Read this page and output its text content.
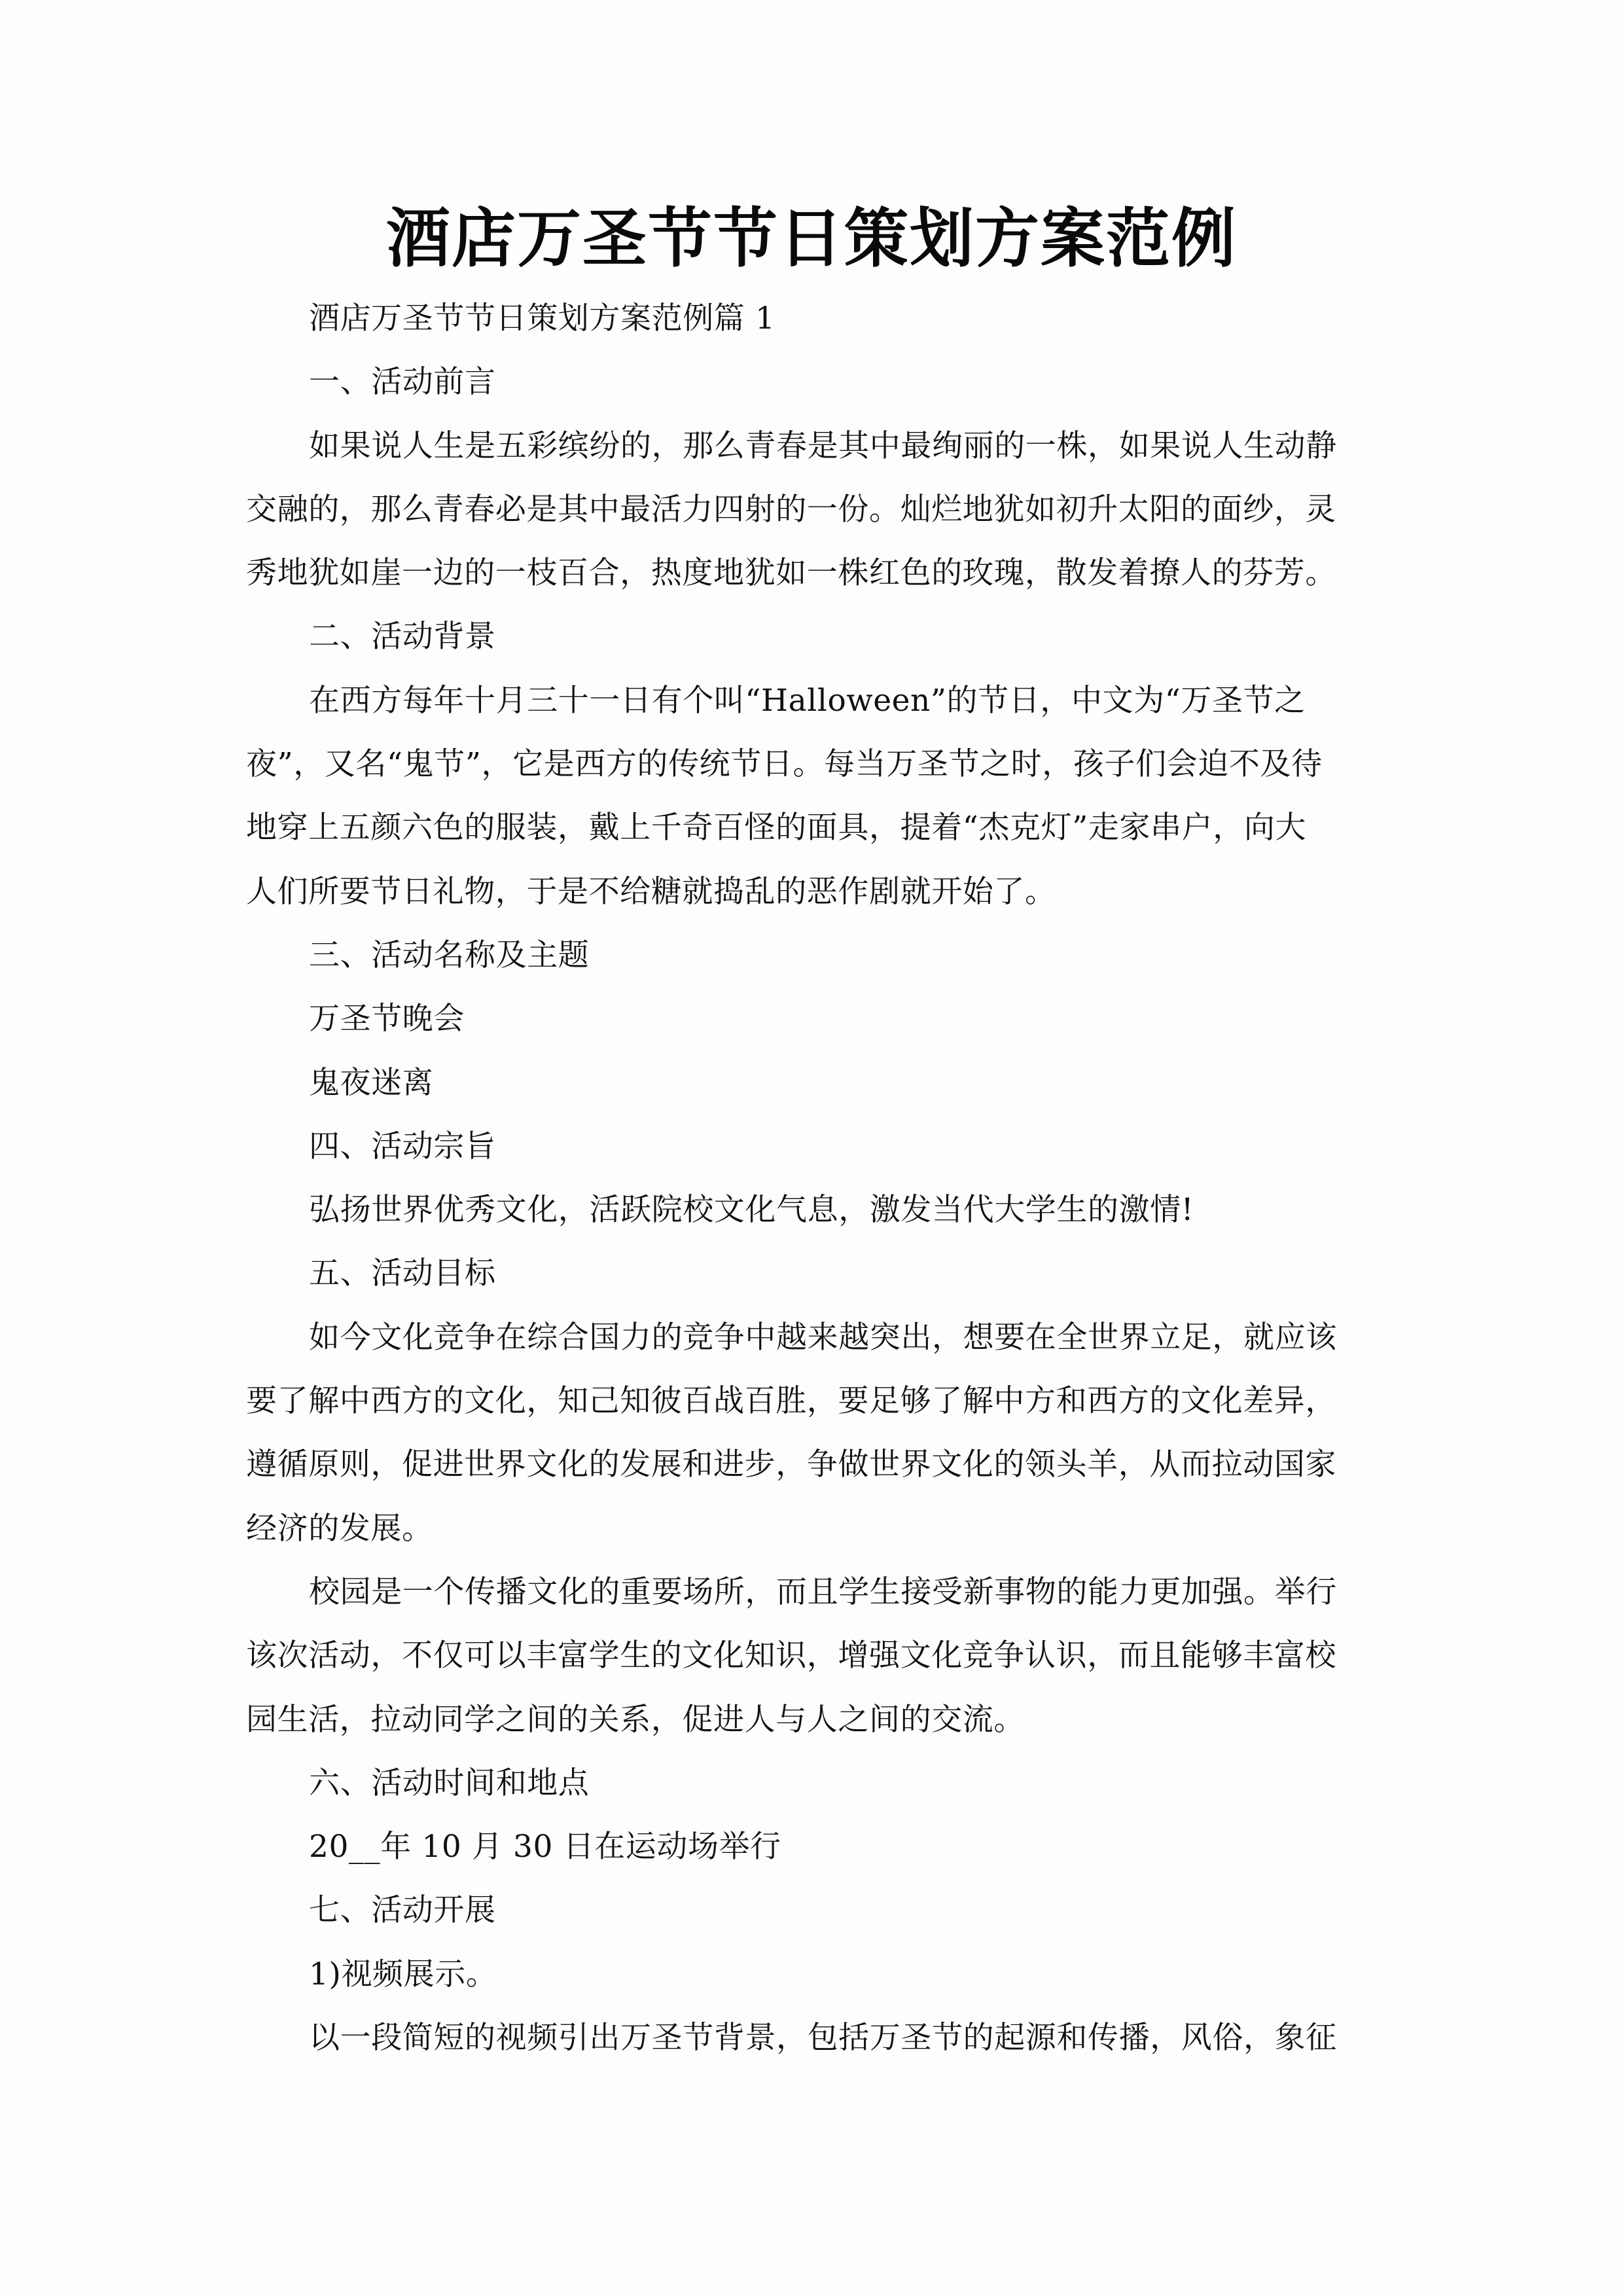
酒店万圣节节日策划方案范例
酒店万圣节节日策划方案范例篇 1
一、活动前言
如果说人生是五彩缤纷的，那么青春是其中最绚丽的一株，如果说人生动静
交融的，那么青春必是其中最活力四射的一份。灿烂地犹如初升太阳的面纱，灵
秀地犹如崖一边的一枝百合，热度地犹如一株红色的玫瑰，散发着撩人的芬芳。
二、活动背景
在西方每年十月三十一日有个叫“Halloween”的节日，中文为“万圣节之
夜”，又名“鬼节”，它是西方的传统节日。每当万圣节之时，孩子们会迫不及待
地穿上五颜六色的服装，戴上千奇百怪的面具，提着“杰克灯”走家串户，向大
人们所要节日礼物，于是不给糖就捣乱的恶作剧就开始了。
三、活动名称及主题
万圣节晚会
鬼夜迷离
四、活动宗旨
弘扬世界优秀文化，活跃院校文化气息，激发当代大学生的激情!
五、活动目标
如今文化竞争在综合国力的竞争中越来越突出，想要在全世界立足，就应该
要了解中西方的文化，知己知彼百战百胜，要足够了解中方和西方的文化差异，
遵循原则，促进世界文化的发展和进步，争做世界文化的领头羊，从而拉动国家
经济的发展。
校园是一个传播文化的重要场所，而且学生接受新事物的能力更加强。举行
该次活动，不仅可以丰富学生的文化知识，增强文化竞争认识，而且能够丰富校
园生活，拉动同学之间的关系，促进人与人之间的交流。
六、活动时间和地点
20__年 10 月 30 日在运动场举行
七、活动开展
1)视频展示。
以一段简短的视频引出万圣节背景，包括万圣节的起源和传播，风俗，象征
